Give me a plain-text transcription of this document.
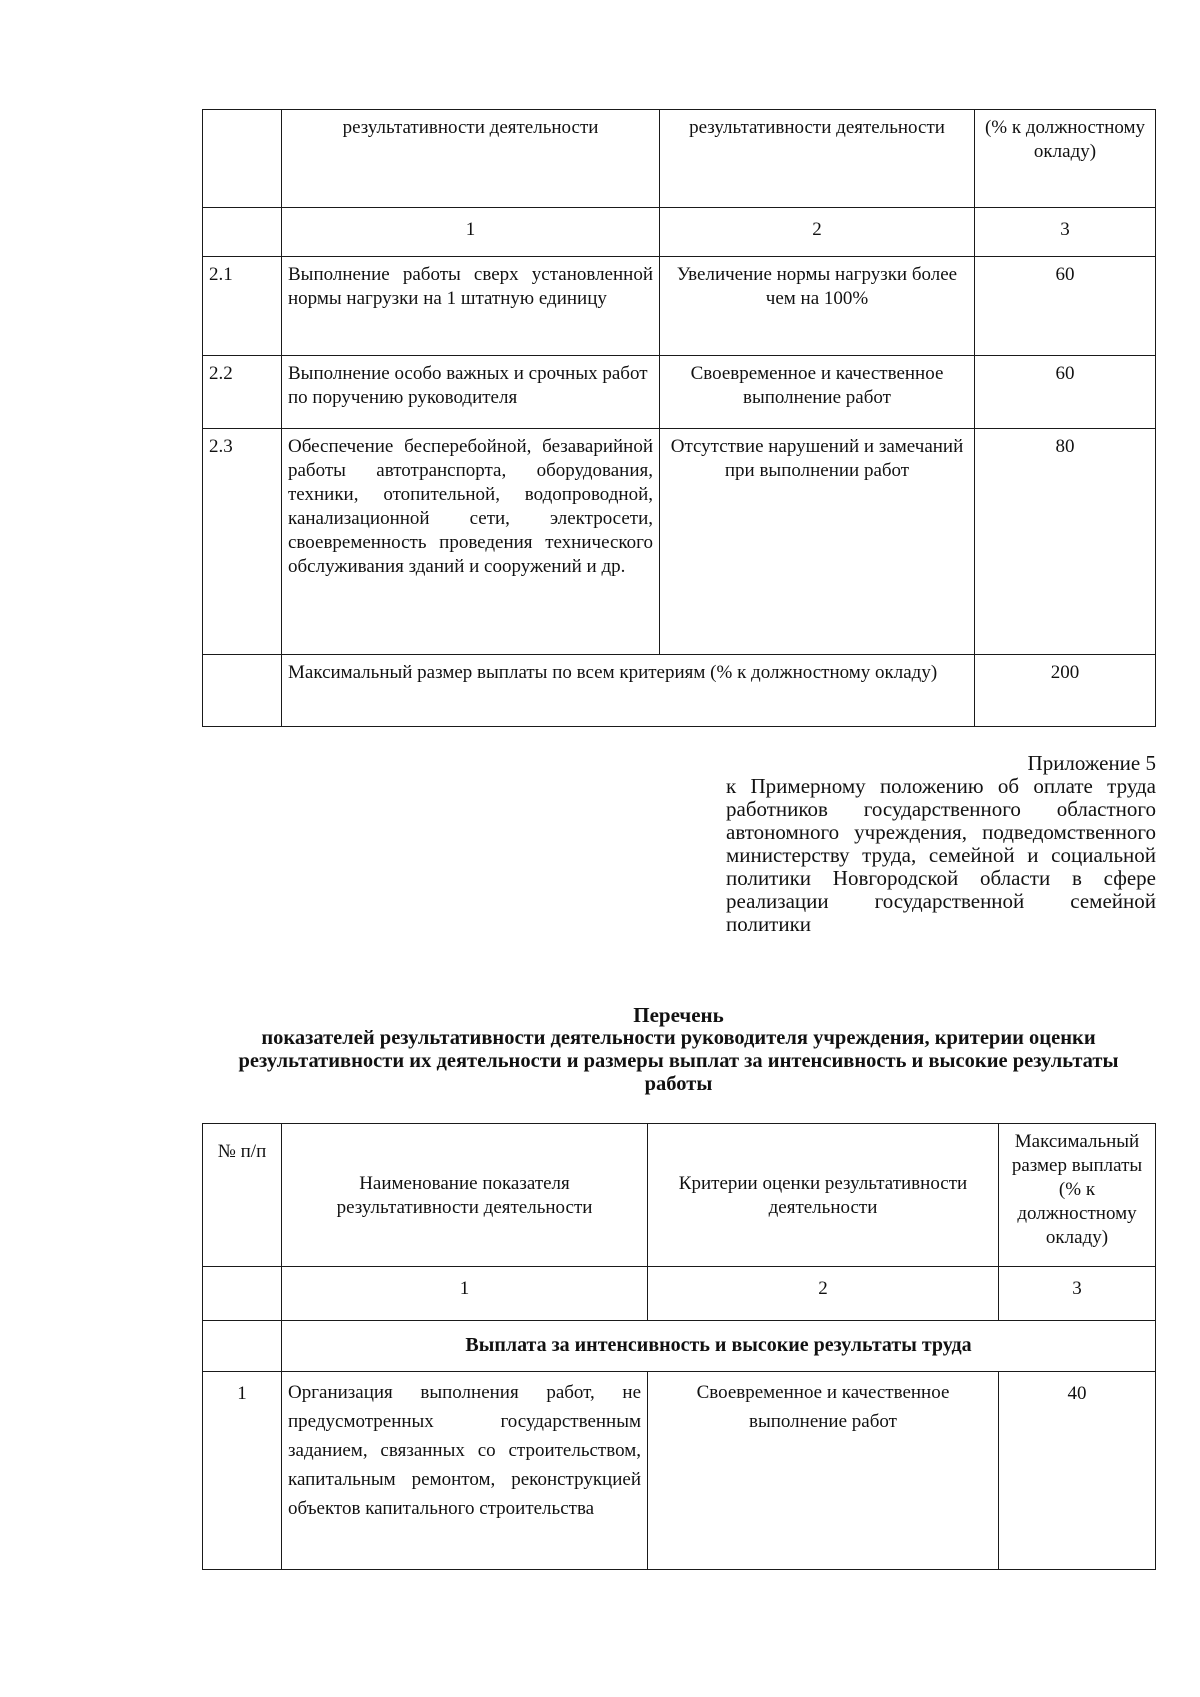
	результативности деятельности	результативности деятельности	(% к должностному окладу)
	1	2	3
2.1	Выполнение работы сверх установленной нормы нагрузки на 1 штатную единицу	Увеличение нормы нагрузки более чем на 100%	60
2.2	Выполнение особо важных и срочных работ по поручению руководителя	Своевременное и качественное выполнение работ	60
2.3	Обеспечение бесперебойной, безаварийной работы автотранспорта, оборудования, техники, отопительной, водопроводной, канализационной сети, электросети, своевременность проведения технического обслуживания зданий и сооружений и др.	Отсутствие нарушений и замечаний при выполнении работ	80
	Максимальный размер выплаты по всем критериям (% к должностному окладу)		200
Приложение 5
к Примерному положению об оплате труда работников государственного областного автономного учреждения, подведомственного министерству труда, семейной и социальной политики Новгородской области в сфере реализации государственной семейной политики
Перечень
показателей результативности деятельности руководителя учреждения, критерии оценки результативности их деятельности и размеры выплат за интенсивность и высокие результаты работы
№ п/п	Наименование показателя результативности деятельности	Критерии оценки результативности деятельности	Максимальный размер выплаты (% к должностному окладу)
	1	2	3
	Выплата за интенсивность и высокие результаты труда		
1	Организация выполнения работ, не предусмотренных государственным заданием, связанных со строительством, капитальным ремонтом, реконструкцией объектов капитального строительства	Своевременное и качественное выполнение работ	40
